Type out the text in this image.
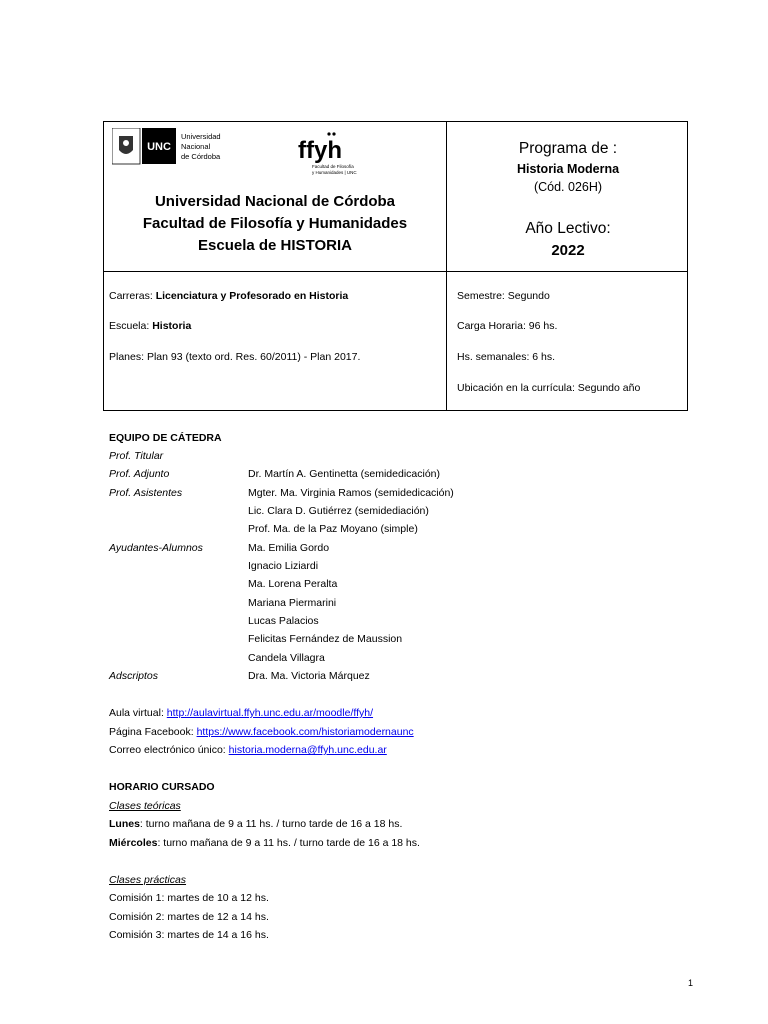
UNC
Universidad
Nacional
de Córdoba	ffyh
Facultad de Filosofía
y Humanidades | UNC
Universidad Nacional de Córdoba
Facultad de Filosofía y Humanidades
Escuela de HISTORIA
Programa de :
Historia Moderna
(Cód. 026H)
Año Lectivo:
2022
Carreras: Licenciatura y Profesorado en Historia
Escuela: Historia
Planes: Plan 93 (texto ord. Res. 60/2011) - Plan 2017.
Semestre: Segundo
Carga Horaria: 96 hs.
Hs. semanales: 6 hs.
Ubicación en la currícula: Segundo año
EQUIPO DE CÁTEDRA
Prof. Titular
Prof. Adjunto	Dr. Martín A. Gentinetta (semidedicación)
Prof. Asistentes	Mgter. Ma. Virginia Ramos (semidedicación)
Lic. Clara D. Gutiérrez (semidediación)
Prof. Ma. de la Paz Moyano (simple)
Ayudantes-Alumnos	Ma. Emilia Gordo
Ignacio Liziardi
Ma. Lorena Peralta
Mariana Piermarini
Lucas Palacios
Felicitas Fernández de Maussion
Candela Villagra
Adscriptos	Dra. Ma. Victoria Márquez
Aula virtual: http://aulavirtual.ffyh.unc.edu.ar/moodle/ffyh/
Página Facebook: https://www.facebook.com/historiamodernaunc
Correo electrónico único: historia.moderna@ffyh.unc.edu.ar
HORARIO CURSADO
Clases teóricas
Lunes: turno mañana de 9 a 11 hs. / turno tarde de 16 a 18 hs.
Miércoles: turno mañana de 9 a 11 hs. / turno tarde de 16 a 18 hs.
Clases prácticas
Comisión 1: martes de 10 a 12 hs.
Comisión 2: martes de 12 a 14 hs.
Comisión 3: martes de 14 a 16 hs.
1
